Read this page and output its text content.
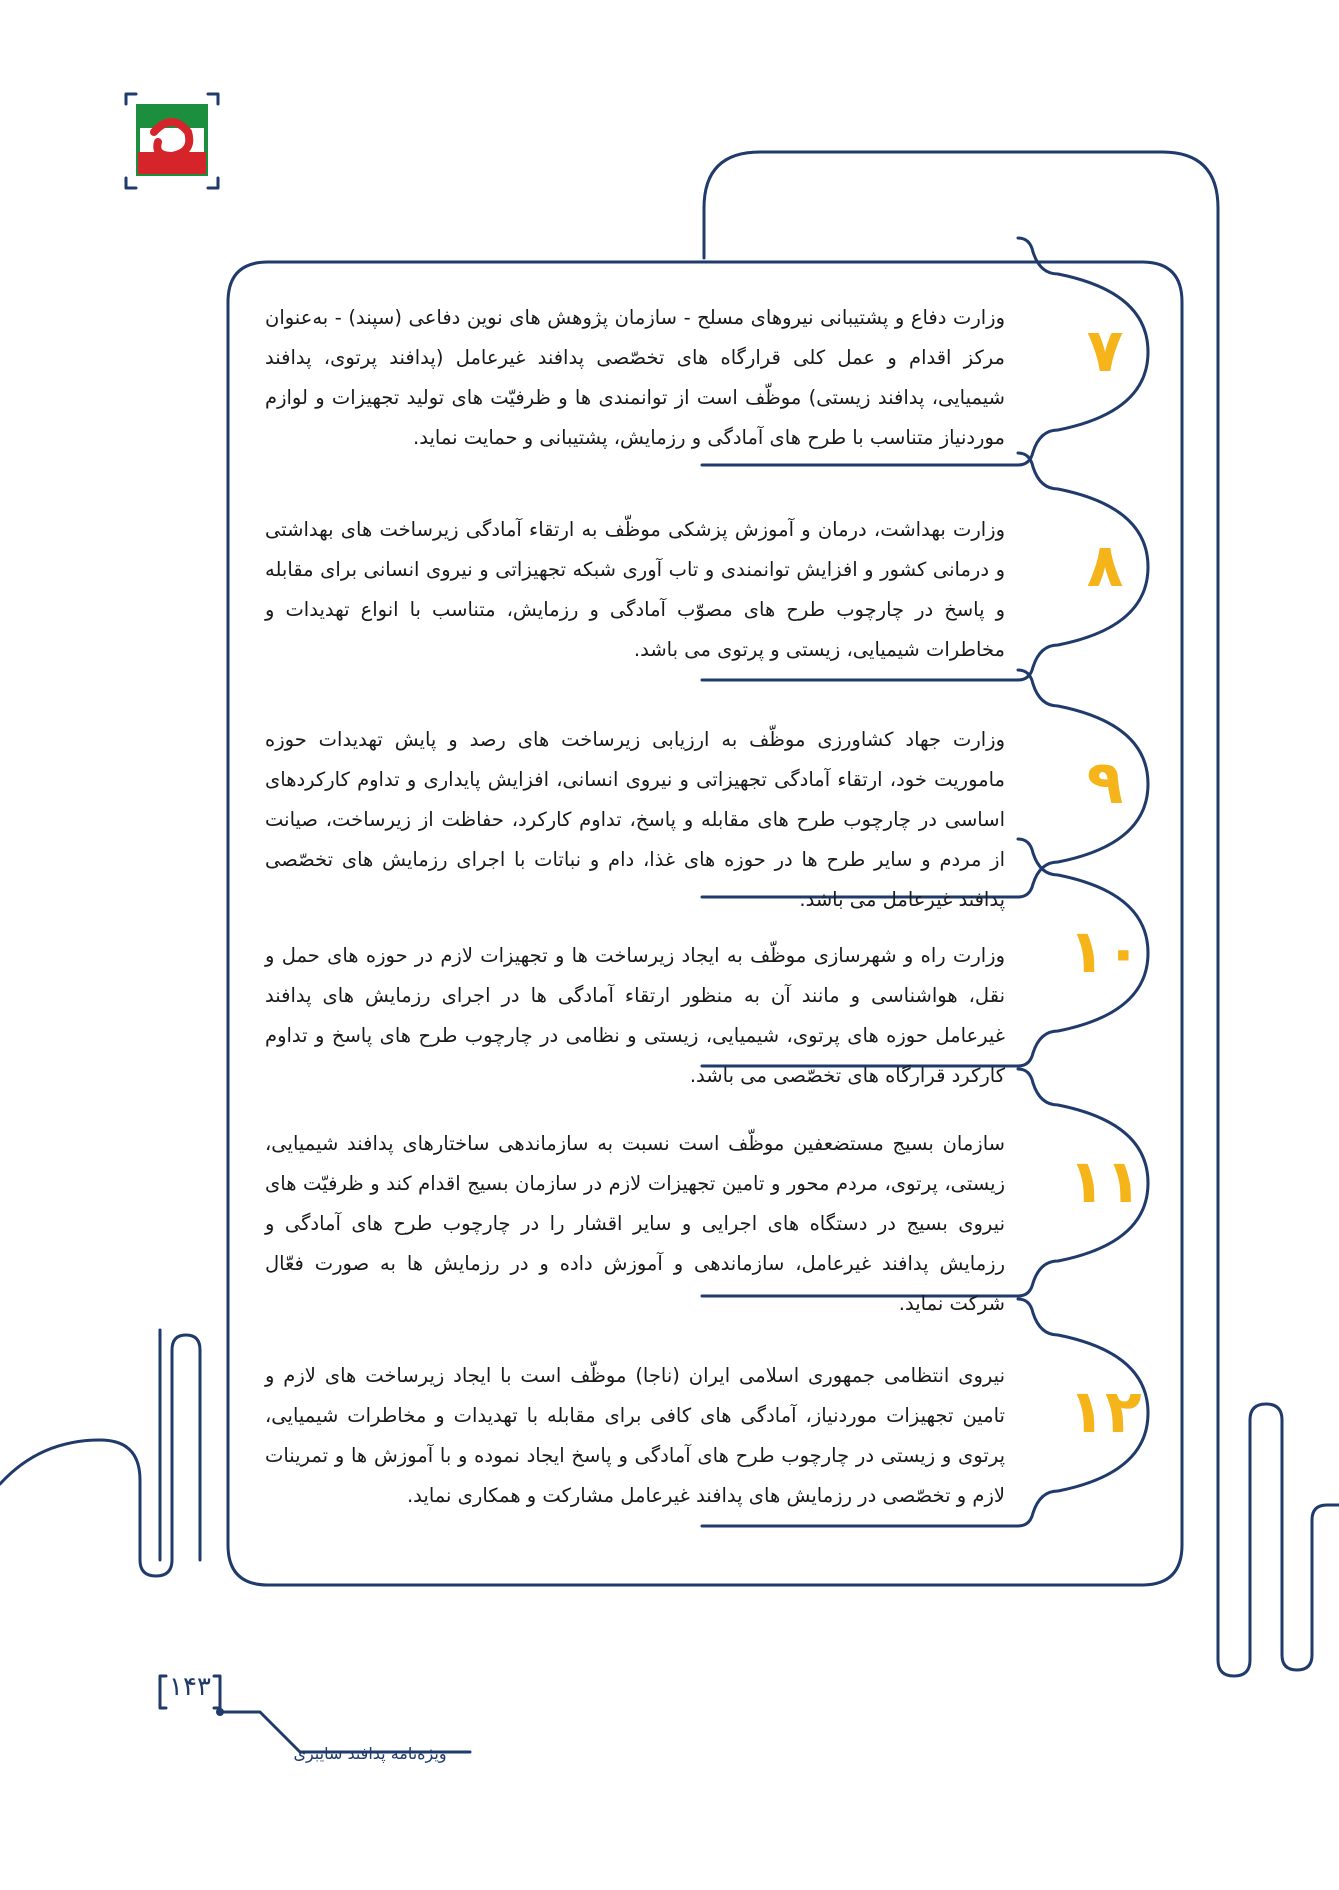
۷
وزارت دفاع و پشتیبانی نیروهای مسلح - سازمان پژوهش های نوین دفاعی (سپند) - به‌عنوان مرکز اقدام و عمل کلی قرارگاه های تخصّصی پدافند غیرعامل (پدافند پرتوی، پدافند شیمیایی، پدافند زیستی) موظّف است از توانمندی ها و ظرفیّت های تولید تجهیزات و لوازم موردنیاز متناسب با طرح های آمادگی و رزمایش، پشتیبانی و حمایت نماید.
۸
وزارت بهداشت، درمان و آموزش پزشکی موظّف به ارتقاء آمادگی زیرساخت های بهداشتی و درمانی کشور و افزایش توانمندی و تاب آوری شبکه تجهیزاتی و نیروی انسانی برای مقابله و پاسخ در چارچوب طرح های مصوّب آمادگی و رزمایش، متناسب با انواع تهدیدات و مخاطرات شیمیایی، زیستی و پرتوی می باشد.
۹
وزارت جهاد کشاورزی موظّف به ارزیابی زیرساخت های رصد و پایش تهدیدات حوزه ماموریت خود، ارتقاء آمادگی تجهیزاتی و نیروی انسانی، افزایش پایداری و تداوم کارکردهای اساسی در چارچوب طرح های مقابله و پاسخ، تداوم کارکرد، حفاظت از زیرساخت، صیانت از مردم و سایر طرح ها در حوزه های غذا، دام و نباتات با اجرای رزمایش های تخصّصی پدافند غیرعامل می باشد.
۱۰
وزارت راه و شهرسازی موظّف به ایجاد زیرساخت ها و تجهیزات لازم در حوزه های حمل و نقل، هواشناسی و مانند آن به منظور ارتقاء آمادگی ها در اجرای رزمایش های پدافند غیرعامل حوزه های پرتوی، شیمیایی، زیستی و نظامی در چارچوب طرح های پاسخ و تداوم کارکرد قرارگاه های تخصّصی می باشد.
۱۱
سازمان بسیج مستضعفین موظّف است نسبت به سازماندهی ساختارهای پدافند شیمیایی، زیستی، پرتوی، مردم محور و تامین تجهیزات لازم در سازمان بسیج اقدام کند و ظرفیّت های نیروی بسیج در دستگاه های اجرایی و سایر اقشار را در چارچوب طرح های آمادگی و رزمایش پدافند غیرعامل، سازماندهی و آموزش داده و در رزمایش ها به صورت فعّال شرکت نماید.
۱۲
نیروی انتظامی جمهوری اسلامی ایران (ناجا) موظّف است با ایجاد زیرساخت های لازم و تامین تجهیزات موردنیاز، آمادگی های کافی برای مقابله با تهدیدات و مخاطرات شیمیایی، پرتوی و زیستی در چارچوب طرح های آمادگی و پاسخ ایجاد نموده و با آموزش ها و تمرینات لازم و تخصّصی در رزمایش های پدافند غیرعامل مشارکت و همکاری نماید.
۱۴۳
ویژه‌نامه پدافند سایبری
